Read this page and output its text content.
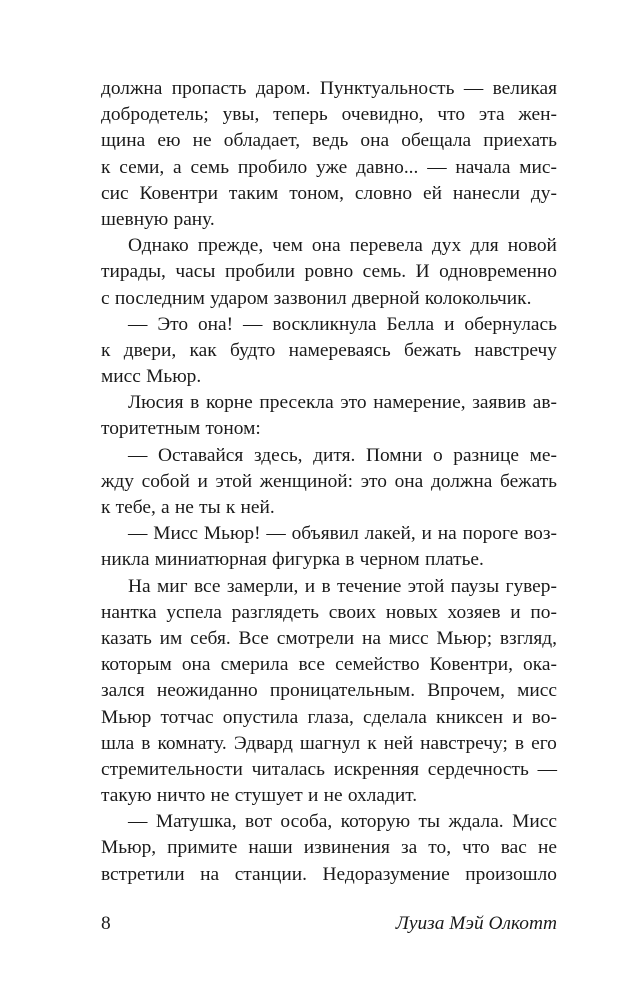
должна пропасть даром. Пунктуальность — великая
добродетель; увы, теперь очевидно, что эта жен-
щина ею не обладает, ведь она обещала приехать
к семи, а семь пробило уже давно... — начала мис-
сис Ковентри таким тоном, словно ей нанесли ду-
шевную рану.
Однако прежде, чем она перевела дух для новой
тирады, часы пробили ровно семь. И одновременно
с последним ударом зазвонил дверной колокольчик.
— Это она! — воскликнула Белла и обернулась
к двери, как будто намереваясь бежать навстречу
мисс Мьюр.
Люсия в корне пресекла это намерение, заявив ав-
торитетным тоном:
— Оставайся здесь, дитя. Помни о разнице ме-
жду собой и этой женщиной: это она должна бежать
к тебе, а не ты к ней.
— Мисс Мьюр! — объявил лакей, и на пороге воз-
никла миниатюрная фигурка в черном платье.
На миг все замерли, и в течение этой паузы гувер-
нантка успела разглядеть своих новых хозяев и по-
казать им себя. Все смотрели на мисс Мьюр; взгляд,
которым она смерила все семейство Ковентри, ока-
зался неожиданно проницательным. Впрочем, мисс
Мьюр тотчас опустила глаза, сделала книксен и во-
шла в комнату. Эдвард шагнул к ней навстречу; в его
стремительности читалась искренняя сердечность —
такую ничто не стушует и не охладит.
— Матушка, вот особа, которую ты ждала. Мисс
Мьюр, примите наши извинения за то, что вас не
встретили на станции. Недоразумение произошло
8	Луиза Мэй Олкотт
